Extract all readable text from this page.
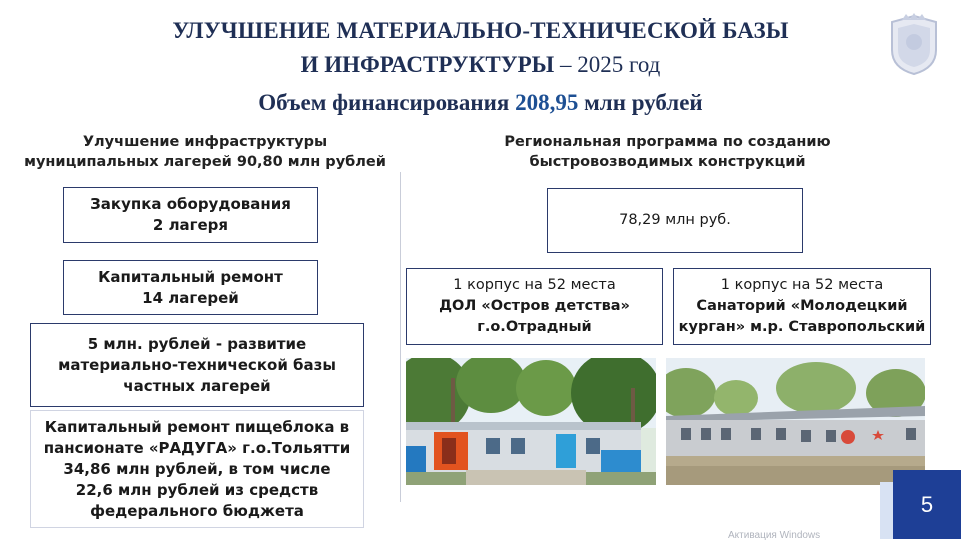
УЛУЧШЕНИЕ МАТЕРИАЛЬНО-ТЕХНИЧЕСКОЙ БАЗЫ
И ИНФРАСТРУКТУРЫ – 2025 год
Объем финансирования 208,95 млн рублей
Улучшение инфраструктуры
муниципальных лагерей 90,80 млн рублей
Региональная программа по созданию
быстровозводимых конструкций
Закупка оборудования
2 лагеря
Капитальный ремонт
14 лагерей
5 млн. рублей - развитие
материально-технической базы
частных лагерей
Капитальный ремонт пищеблока в
пансионате «РАДУГА» г.о.Тольятти
34,86 млн рублей, в том числе
22,6 млн рублей из средств
федерального бюджета
78,29 млн руб.
1 корпус на 52 места
ДОЛ «Остров детства»
г.о.Отрадный
1 корпус на 52 места
Санаторий «Молодецкий
курган» м.р. Ставропольский
5
Активация Windows
